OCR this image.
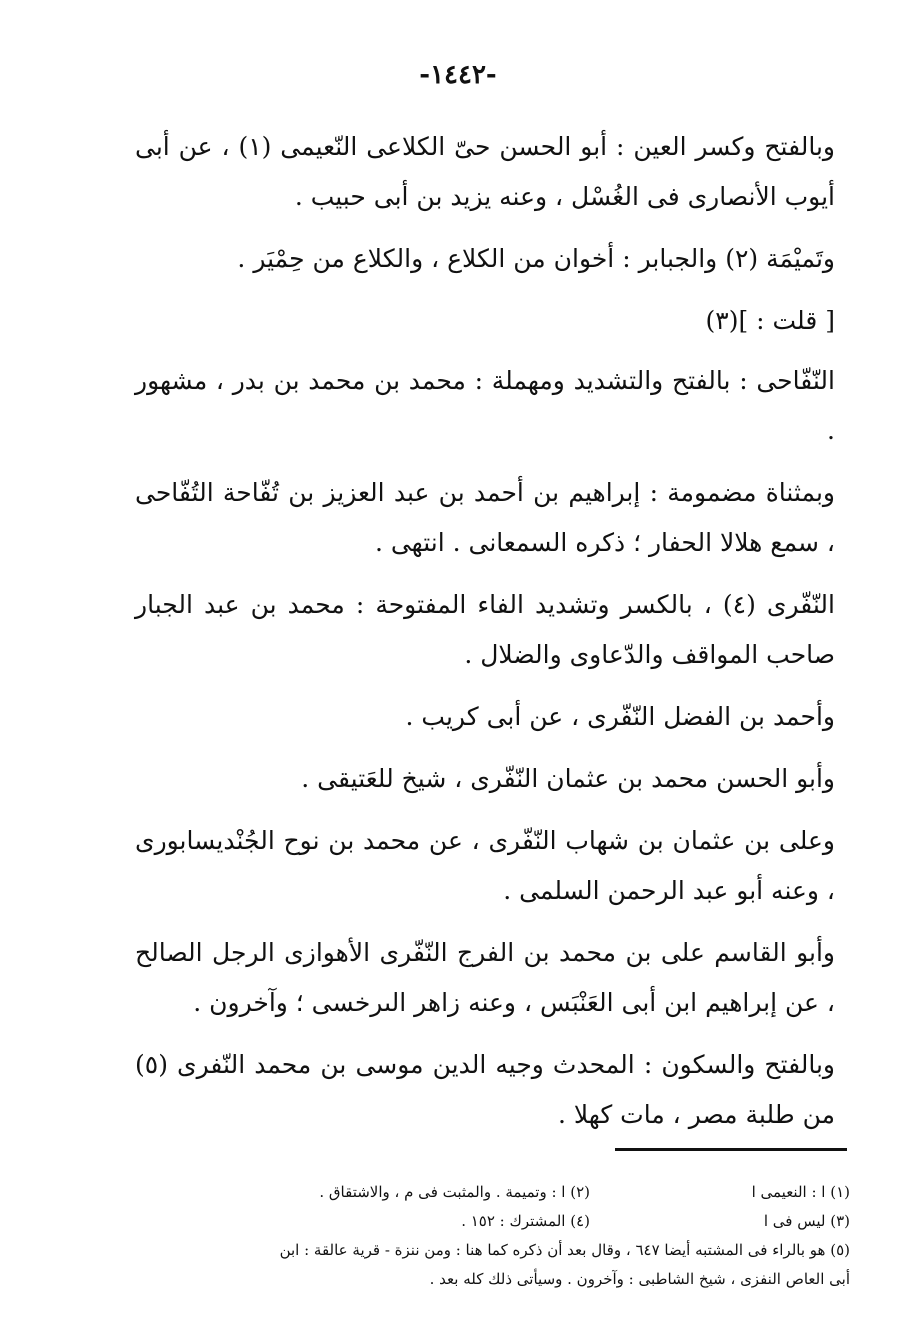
-١٤٤٢-

وبالفتح وكسر العين : أبو الحسن حىّ الكلاعى النّعيمى (١) ، عن أبى أيوب الأنصارى فى الغُسْل ، وعنه يزيد بن أبى حبيب .

وتَميْمَة (٢) والجبابر : أخوان من الكلاع ، والكلاع من حِمْيَر .

[ قلت : ](٣)

النّفّاحى : بالفتح والتشديد ومهملة : محمد بن محمد بن بدر ، مشهور .

وبمثناة مضمومة : إبراهيم بن أحمد بن عبد العزيز بن تُفّاحة التُفّاحى ، سمع هلالا الحفار ؛ ذكره السمعانى . انتهى .

النّفّرى (٤) ، بالكسر وتشديد الفاء المفتوحة : محمد بن عبد الجبار صاحب المواقف والدّعاوى والضلال .

وأحمد بن الفضل النّفّرى ، عن أبى كريب .

وأبو الحسن محمد بن عثمان النّفّرى ، شيخ للعَتيقى .

وعلى بن عثمان بن شهاب النّفّرى ، عن محمد بن نوح الجُنْديسابورى ، وعنه أبو عبد الرحمن السلمى .

وأبو القاسم على بن محمد بن الفرج النّفّرى الأهوازى الرجل الصالح ، عن إبراهيم ابن أبى العَنْبَس ، وعنه زاهر الىرخسى ؛ وآخرون .

وبالفتح والسكون : المحدث وجيه الدين موسى بن محمد النّفرى (٥) من طلبة مصر ، مات كهلا .

(١) ا : النعيمى ا
(٢) ا : وتميمة . والمثبت فى م ، والاشتقاق .
(٣) ليس فى ا
(٤) المشترك : ١٥٢ .

(٥) هو بالراء فى المشتبه أيضا ٦٤٧ ، وقال بعد أن ذكره كما هنا : ومن ننزة - قرية عالقة : ابن

أبى العاص النفزى ، شيخ الشاطبى : وآخرون . وسيأتى ذلك كله بعد .
